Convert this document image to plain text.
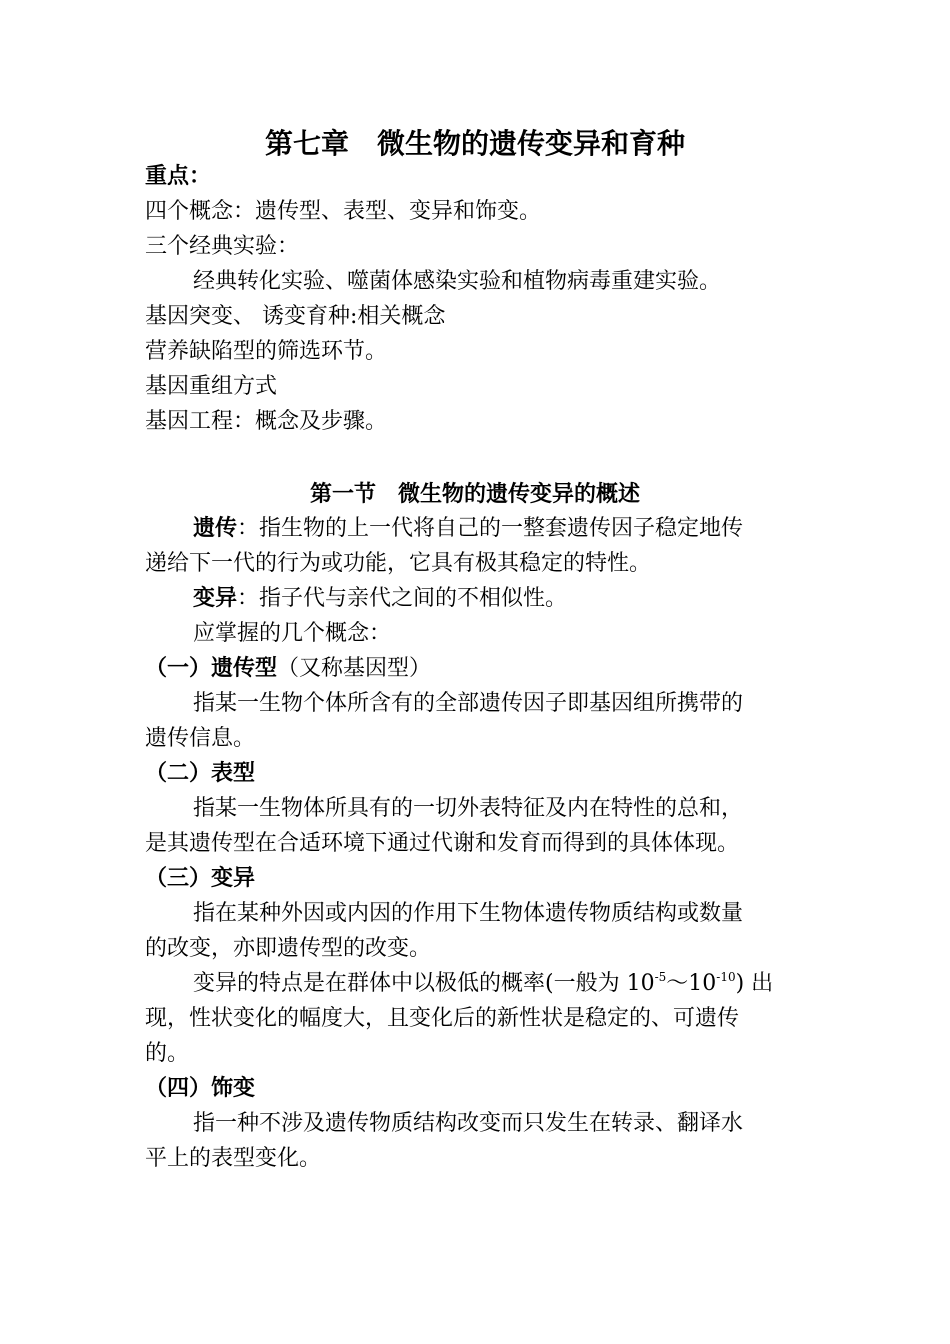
第七章　微生物的遗传变异和育种

重点：

四个概念：遗传型、表型、变异和饰变。

三个经典实验：

经典转化实验、噬菌体感染实验和植物病毒重建实验。

基因突变、 诱变育种:相关概念

营养缺陷型的筛选环节。

基因重组方式

基因工程：概念及步骤。

第一节　微生物的遗传变异的概述

遗传：指生物的上一代将自己的一整套遗传因子稳定地传

递给下一代的行为或功能，它具有极其稳定的特性。

变异：指子代与亲代之间的不相似性。

应掌握的几个概念：

（一）遗传型（又称基因型）

指某一生物个体所含有的全部遗传因子即基因组所携带的

遗传信息。

（二）表型

指某一生物体所具有的一切外表特征及内在特性的总和，

是其遗传型在合适环境下通过代谢和发育而得到的具体体现。

（三）变异

指在某种外因或内因的作用下生物体遗传物质结构或数量

的改变，亦即遗传型的改变。

变异的特点是在群体中以极低的概率(一般为 $10^{-5}\sim 10^{-10}$) 出

现，性状变化的幅度大，且变化后的新性状是稳定的、可遗传

的。

（四）饰变

指一种不涉及遗传物质结构改变而只发生在转录、翻译水

平上的表型变化。
